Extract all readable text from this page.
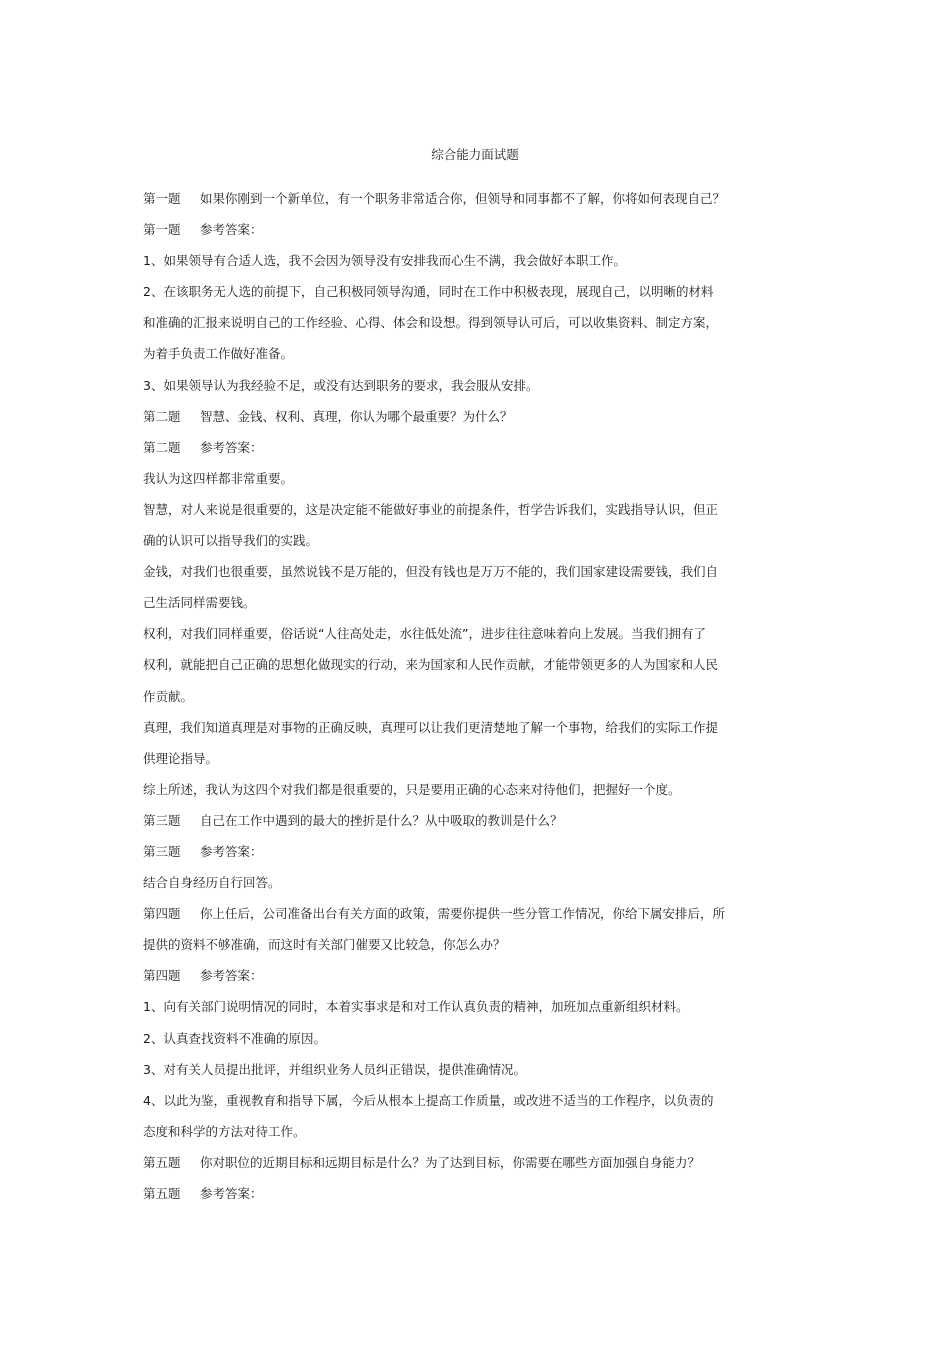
综合能力面试题
第一题 如果你刚到一个新单位，有一个职务非常适合你，但领导和同事都不了解，你将如何表现自己？
第一题 参考答案：
1、如果领导有合适人选，我不会因为领导没有安排我而心生不满，我会做好本职工作。
2、在该职务无人选的前提下，自己积极同领导沟通，同时在工作中积极表现，展现自己，以明晰的材料
和准确的汇报来说明自己的工作经验、心得、体会和设想。得到领导认可后，可以收集资料、制定方案，
为着手负责工作做好准备。
3、如果领导认为我经验不足，或没有达到职务的要求，我会服从安排。
第二题 智慧、金钱、权利、真理，你认为哪个最重要？为什么？
第二题 参考答案：
我认为这四样都非常重要。
智慧，对人来说是很重要的，这是决定能不能做好事业的前提条件，哲学告诉我们，实践指导认识，但正
确的认识可以指导我们的实践。
金钱，对我们也很重要，虽然说钱不是万能的，但没有钱也是万万不能的，我们国家建设需要钱，我们自
己生活同样需要钱。
权利，对我们同样重要，俗话说“人往高处走，水往低处流”，进步往往意味着向上发展。当我们拥有了
权利，就能把自己正确的思想化做现实的行动，来为国家和人民作贡献，才能带领更多的人为国家和人民
作贡献。
真理，我们知道真理是对事物的正确反映，真理可以让我们更清楚地了解一个事物，给我们的实际工作提
供理论指导。
综上所述，我认为这四个对我们都是很重要的，只是要用正确的心态来对待他们，把握好一个度。
第三题 自己在工作中遇到的最大的挫折是什么？从中吸取的教训是什么？
第三题 参考答案：
结合自身经历自行回答。
第四题 你上任后，公司准备出台有关方面的政策，需要你提供一些分管工作情况，你给下属安排后，所
提供的资料不够准确，而这时有关部门催要又比较急，你怎么办？
第四题 参考答案：
1、向有关部门说明情况的同时，本着实事求是和对工作认真负责的精神，加班加点重新组织材料。
2、认真查找资料不准确的原因。
3、对有关人员提出批评，并组织业务人员纠正错误，提供准确情况。
4、以此为鉴，重视教育和指导下属，今后从根本上提高工作质量，或改进不适当的工作程序，以负责的
态度和科学的方法对待工作。
第五题 你对职位的近期目标和远期目标是什么？为了达到目标，你需要在哪些方面加强自身能力？
第五题 参考答案：
